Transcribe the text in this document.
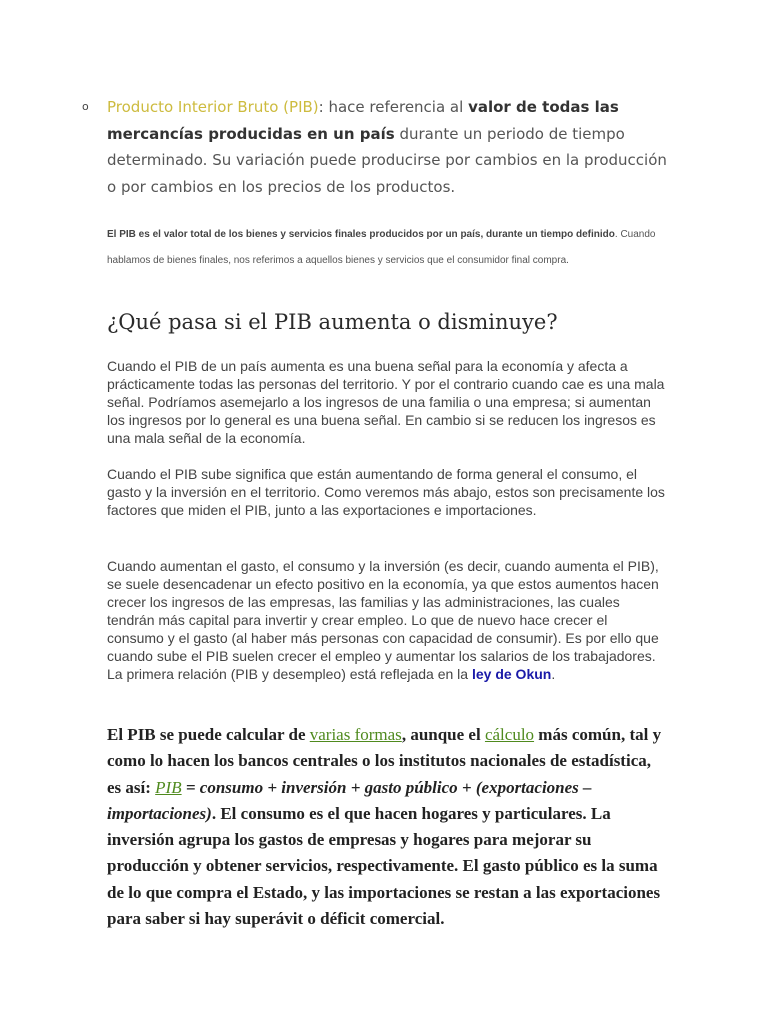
o Producto Interior Bruto (PIB): hace referencia al valor de todas las mercancías producidas en un país durante un periodo de tiempo determinado. Su variación puede producirse por cambios en la producción o por cambios en los precios de los productos.
El PIB es el valor total de los bienes y servicios finales producidos por un país, durante un tiempo definido. Cuando hablamos de bienes finales, nos referimos a aquellos bienes y servicios que el consumidor final compra.
¿Qué pasa si el PIB aumenta o disminuye?

Cuando el PIB de un país aumenta es una buena señal para la economía y afecta a prácticamente todas las personas del territorio. Y por el contrario cuando cae es una mala señal. Podríamos asemejarlo a los ingresos de una familia o una empresa; si aumentan los ingresos por lo general es una buena señal. En cambio si se reducen los ingresos es una mala señal de la economía.

Cuando el PIB sube significa que están aumentando de forma general el consumo, el gasto y la inversión en el territorio. Como veremos más abajo, estos son precisamente los factores que miden el PIB, junto a las exportaciones e importaciones.

Cuando aumentan el gasto, el consumo y la inversión (es decir, cuando aumenta el PIB), se suele desencadenar un efecto positivo en la economía, ya que estos aumentos hacen crecer los ingresos de las empresas, las familias y las administraciones, las cuales tendrán más capital para invertir y crear empleo. Lo que de nuevo hace crecer el consumo y el gasto (al haber más personas con capacidad de consumir). Es por ello que cuando sube el PIB suelen crecer el empleo y aumentar los salarios de los trabajadores. La primera relación (PIB y desempleo) está reflejada en la ley de Okun.

El PIB se puede calcular de varias formas, aunque el cálculo más común, tal y como lo hacen los bancos centrales o los institutos nacionales de estadística, es así: PIB = consumo + inversión + gasto público + (exportaciones – importaciones). El consumo es el que hacen hogares y particulares. La inversión agrupa los gastos de empresas y hogares para mejorar su producción y obtener servicios, respectivamente. El gasto público es la suma de lo que compra el Estado, y las importaciones se restan a las exportaciones para saber si hay superávit o déficit comercial.
